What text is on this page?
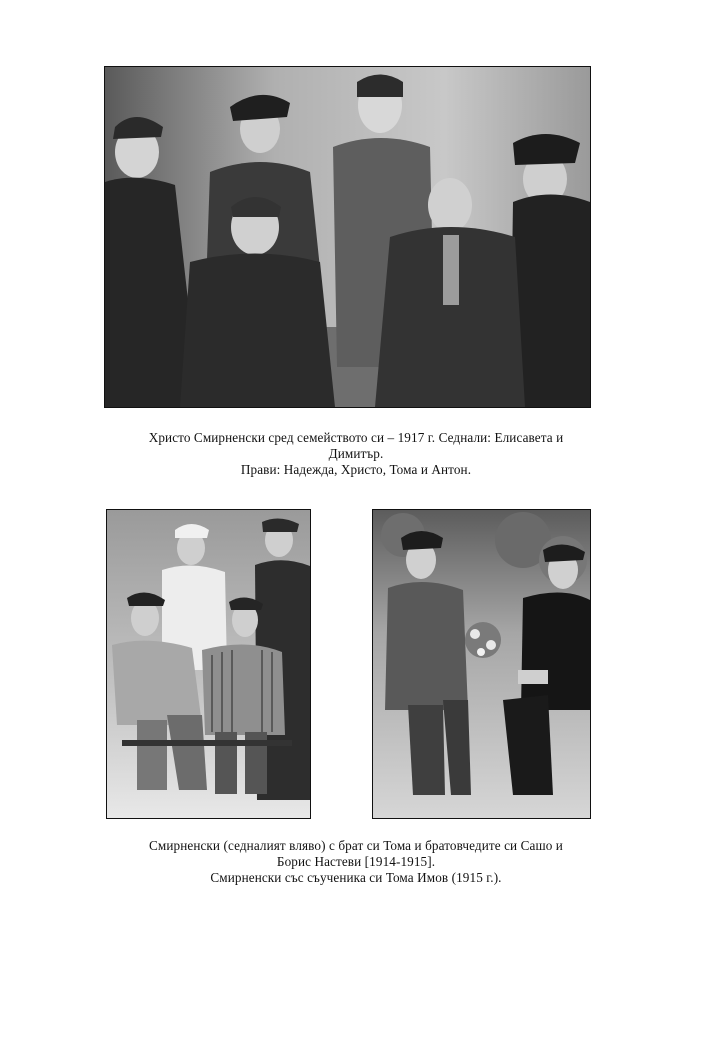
Христо Смирненски сред семейството си – 1917 г. Седнали: Елисавета и
Димитър.
Прави: Надежда, Христо, Тома и Антон.
Смирненски (седналият вляво) с брат си Тома и братовчедите си Сашо и
Борис Настеви [1914-1915].
Смирненски със съученика си Тома Имов (1915 г.).
